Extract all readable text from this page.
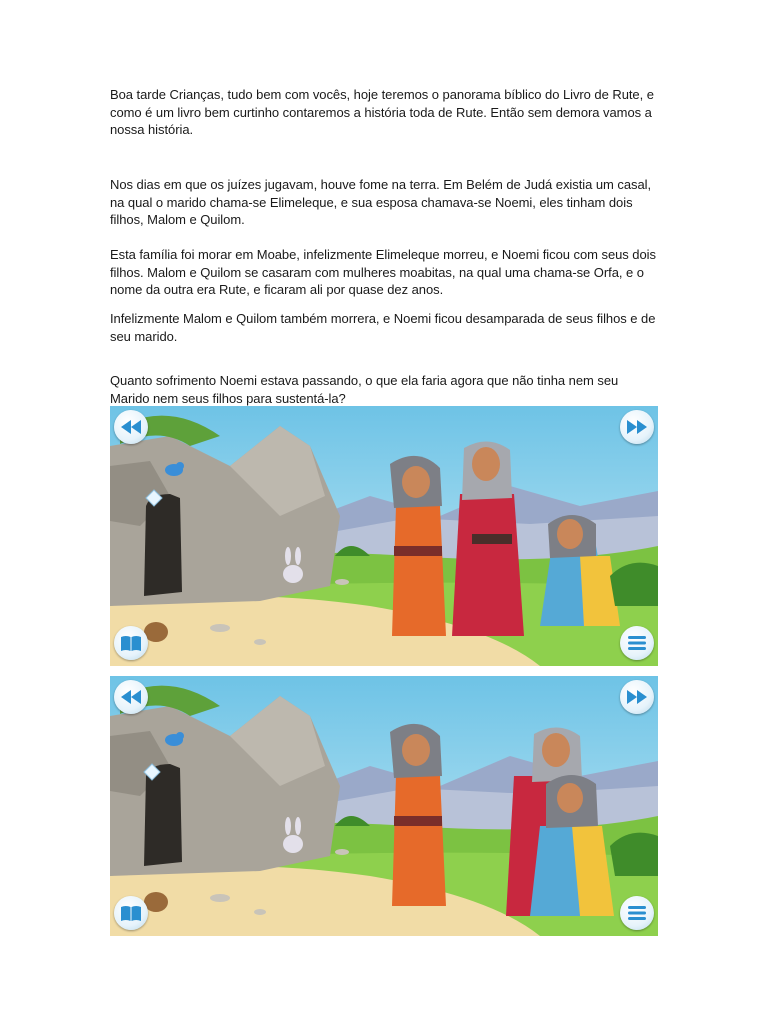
Boa tarde Crianças, tudo bem com vocês, hoje teremos o panorama bíblico do Livro de Rute, e como é um livro bem curtinho contaremos a história toda de Rute. Então sem demora vamos a nossa história.

Nos dias em que os juízes jugavam, houve fome na terra. Em Belém de Judá existia um casal, na qual o marido chama-se Elimeleque, e sua esposa chamava-se Noemi, eles tinham dois filhos, Malom e Quilom.

Esta família foi morar em Moabe, infelizmente Elimeleque morreu, e Noemi ficou com seus dois filhos. Malom e Quilom se casaram com mulheres moabitas, na qual uma chama-se Orfa, e o nome da outra era Rute, e ficaram ali por quase dez anos.

Infelizmente Malom e Quilom também morrera, e Noemi ficou desamparada de seus filhos e de seu marido.

Quanto sofrimento Noemi estava passando, o que ela faria agora que não tinha nem seu Marido nem seus filhos para sustentá-la?
